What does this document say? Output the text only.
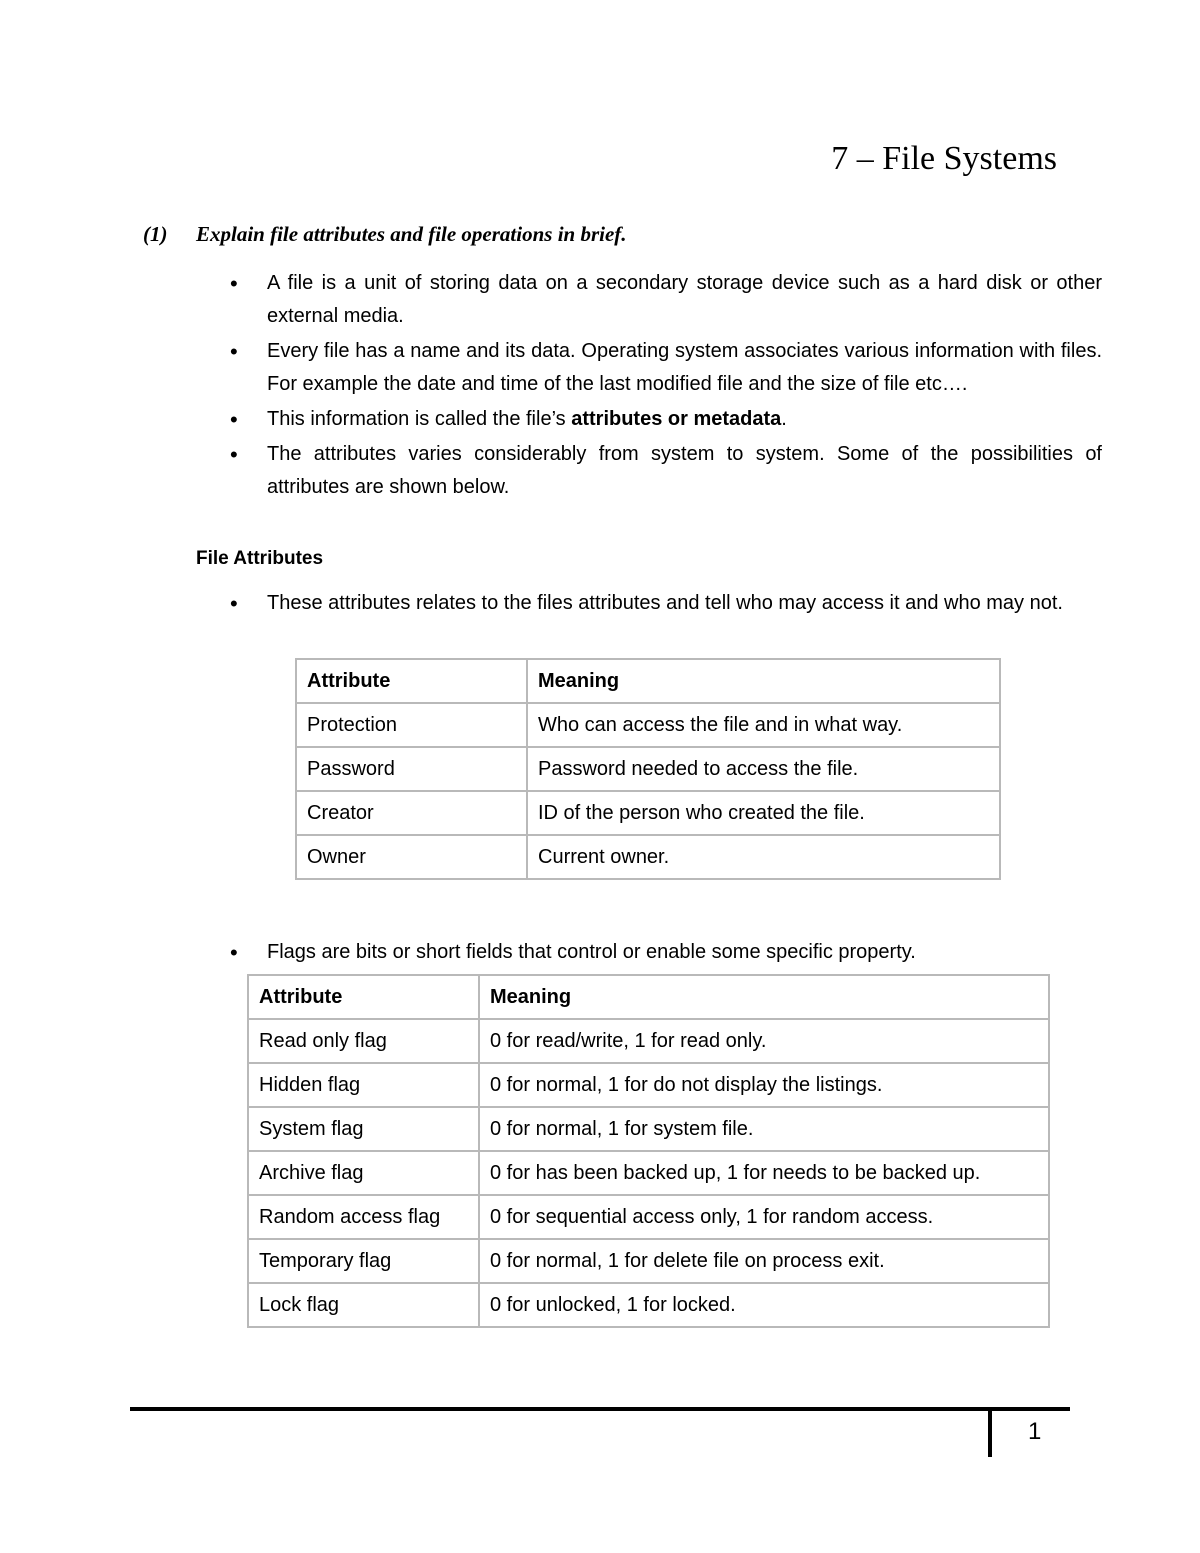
7 – File Systems
(1) Explain file attributes and file operations in brief.
• A file is a unit of storing data on a secondary storage device such as a hard disk or other external media.
• Every file has a name and its data. Operating system associates various information with files. For example the date and time of the last modified file and the size of file etc….
• This information is called the file’s attributes or metadata.
• The attributes varies considerably from system to system. Some of the possibilities of attributes are shown below.
File Attributes
• These attributes relates to the files attributes and tell who may access it and who may not.
Attribute	Meaning
Protection	Who can access the file and in what way.
Password	Password needed to access the file.
Creator	ID of the person who created the file.
Owner	Current owner.
• Flags are bits or short fields that control or enable some specific property.
Attribute	Meaning
Read only flag	0 for read/write, 1 for read only.
Hidden flag	0 for normal, 1 for do not display the listings.
System flag	0 for normal, 1 for system file.
Archive flag	0 for has been backed up, 1 for needs to be backed up.
Random access flag	0 for sequential access only, 1 for random access.
Temporary flag	0 for normal, 1 for delete file on process exit.
Lock flag	0 for unlocked, 1 for locked.
1
